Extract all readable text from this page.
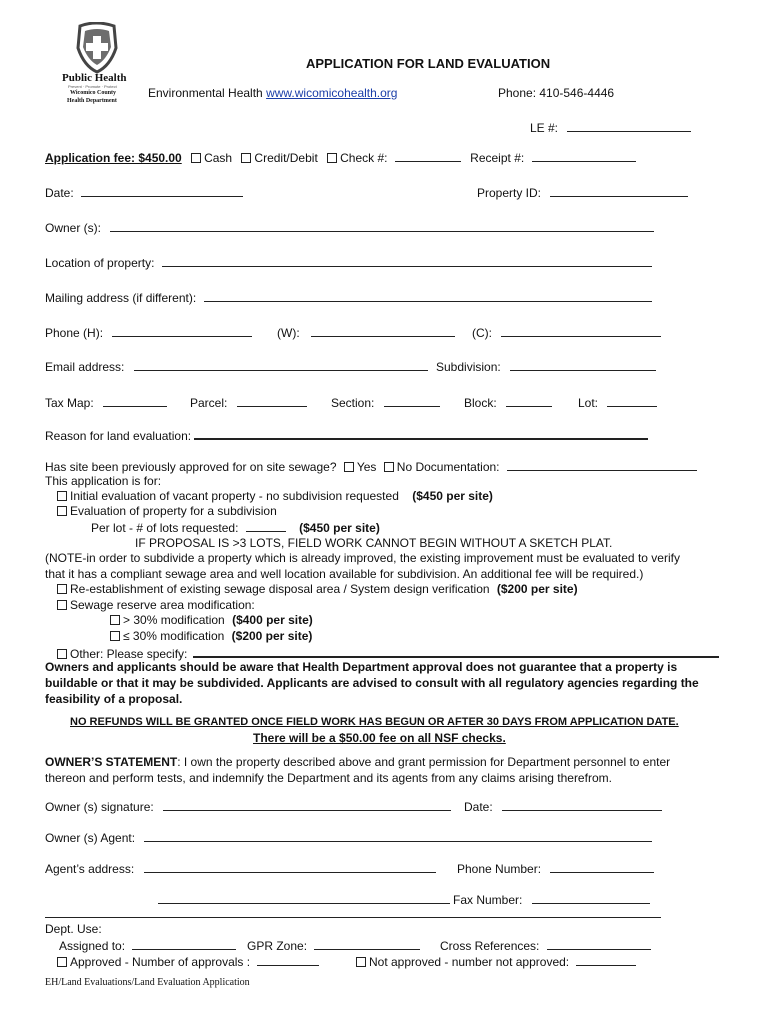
Public Health
Prevent · Promote · Protect
Wicomico County
Health Department
APPLICATION FOR LAND EVALUATION
Environmental Health www.wicomicohealth.org	Phone: 410-546-4446
LE #:
Application fee: $450.00 Cash Credit/Debit Check #:	Receipt #:
Date:	Property ID:
Owner (s):
Location of property:
Mailing address (if different):
Phone (H):	(W):	(C):
Email address:	Subdivision:
Tax Map:	Parcel:	Section:	Block:	Lot:
Reason for land evaluation:
Has site been previously approved for on site sewage? Yes No Documentation:
This application is for:
Initial evaluation of vacant property - no subdivision requested ($450 per site)
Evaluation of property for a subdivision
Per lot - # of lots requested:	($450 per site)
IF PROPOSAL IS >3 LOTS, FIELD WORK CANNOT BEGIN WITHOUT A SKETCH PLAT.
(NOTE-in order to subdivide a property which is already improved, the existing improvement must be evaluated to verify
that it has a compliant sewage area and well location available for subdivision. An additional fee will be required.)
Re-establishment of existing sewage disposal area / System design verification ($200 per site)
Sewage reserve area modification:
> 30% modification ($400 per site)
≤ 30% modification ($200 per site)
Other: Please specify:
Owners and applicants should be aware that Health Department approval does not guarantee that a property is buildable or that it may be subdivided. Applicants are advised to consult with all regulatory agencies regarding the feasibility of a proposal.
NO REFUNDS WILL BE GRANTED ONCE FIELD WORK HAS BEGUN OR AFTER 30 DAYS FROM APPLICATION DATE.
There will be a $50.00 fee on all NSF checks.
OWNER’S STATEMENT: I own the property described above and grant permission for Department personnel to enter
thereon and perform tests, and indemnify the Department and its agents from any claims arising therefrom.
Owner (s) signature:	Date:
Owner (s) Agent:
Agent’s address:	Phone Number:
Fax Number:
Dept. Use:
Assigned to:	GPR Zone:	Cross References:
Approved - Number of approvals :	Not approved - number not approved:
EH/Land Evaluations/Land Evaluation Application
